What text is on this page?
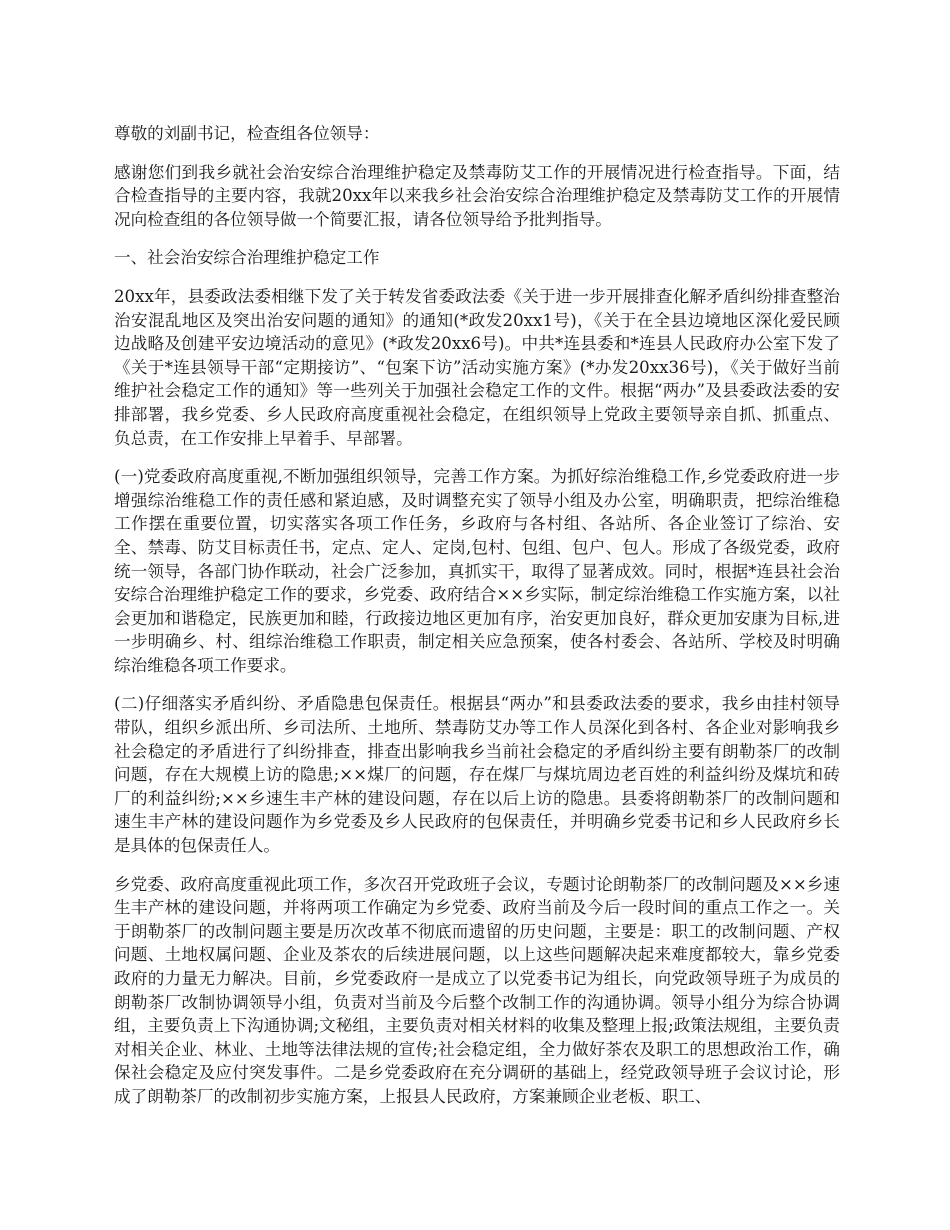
尊敬的刘副书记，检查组各位领导：

感谢您们到我乡就社会治安综合治理维护稳定及禁毒防艾工作的开展情况进行检查指导。下面，结合检查指导的主要内容，我就20xx年以来我乡社会治安综合治理维护稳定及禁毒防艾工作的开展情况向检查组的各位领导做一个简要汇报，请各位领导给予批判指导。

一、社会治安综合治理维护稳定工作

20xx年，县委政法委相继下发了关于转发省委政法委《关于进一步开展排查化解矛盾纠纷排查整治治安混乱地区及突出治安问题的通知》的通知(*政发20xx1号)，《关于在全县边境地区深化爱民顾边战略及创建平安边境活动的意见》(*政发20xx6号)。中共*连县委和*连县人民政府办公室下发了《关于*连县领导干部“定期接访”、“包案下访”活动实施方案》(*办发20xx36号)，《关于做好当前维护社会稳定工作的通知》等一些列关于加强社会稳定工作的文件。根据“两办”及县委政法委的安排部署，我乡党委、乡人民政府高度重视社会稳定，在组织领导上党政主要领导亲自抓、抓重点、负总责，在工作安排上早着手、早部署。

(一)党委政府高度重视,不断加强组织领导，完善工作方案。为抓好综治维稳工作,乡党委政府进一步增强综治维稳工作的责任感和紧迫感，及时调整充实了领导小组及办公室，明确职责，把综治维稳工作摆在重要位置，切实落实各项工作任务，乡政府与各村组、各站所、各企业签订了综治、安全、禁毒、防艾目标责任书，定点、定人、定岗,包村、包组、包户、包人。形成了各级党委，政府统一领导，各部门协作联动，社会广泛参加，真抓实干，取得了显著成效。同时，根据*连县社会治安综合治理维护稳定工作的要求，乡党委、政府结合××乡实际，制定综治维稳工作实施方案，以社会更加和谐稳定，民族更加和睦，行政接边地区更加有序，治安更加良好，群众更加安康为目标,进一步明确乡、村、组综治维稳工作职责，制定相关应急预案，使各村委会、各站所、学校及时明确综治维稳各项工作要求。

(二)仔细落实矛盾纠纷、矛盾隐患包保责任。根据县“两办”和县委政法委的要求，我乡由挂村领导带队，组织乡派出所、乡司法所、土地所、禁毒防艾办等工作人员深化到各村、各企业对影响我乡社会稳定的矛盾进行了纠纷排查，排查出影响我乡当前社会稳定的矛盾纠纷主要有朗勒茶厂的改制问题，存在大规模上访的隐患;××煤厂的问题，存在煤厂与煤坑周边老百姓的利益纠纷及煤坑和砖厂的利益纠纷;××乡速生丰产林的建设问题，存在以后上访的隐患。县委将朗勒茶厂的改制问题和速生丰产林的建设问题作为乡党委及乡人民政府的包保责任，并明确乡党委书记和乡人民政府乡长是具体的包保责任人。

乡党委、政府高度重视此项工作，多次召开党政班子会议，专题讨论朗勒茶厂的改制问题及××乡速生丰产林的建设问题，并将两项工作确定为乡党委、政府当前及今后一段时间的重点工作之一。关于朗勒茶厂的改制问题主要是历次改革不彻底而遗留的历史问题，主要是：职工的改制问题、产权问题、土地权属问题、企业及茶农的后续进展问题，以上这些问题解决起来难度都较大，靠乡党委政府的力量无力解决。目前，乡党委政府一是成立了以党委书记为组长，向党政领导班子为成员的朗勒茶厂改制协调领导小组，负责对当前及今后整个改制工作的沟通协调。领导小组分为综合协调组，主要负责上下沟通协调;文秘组，主要负责对相关材料的收集及整理上报;政策法规组，主要负责对相关企业、林业、土地等法律法规的宣传;社会稳定组，全力做好茶农及职工的思想政治工作，确保社会稳定及应付突发事件。二是乡党委政府在充分调研的基础上，经党政领导班子会议讨论，形成了朗勒茶厂的改制初步实施方案，上报县人民政府，方案兼顾企业老板、职工、
